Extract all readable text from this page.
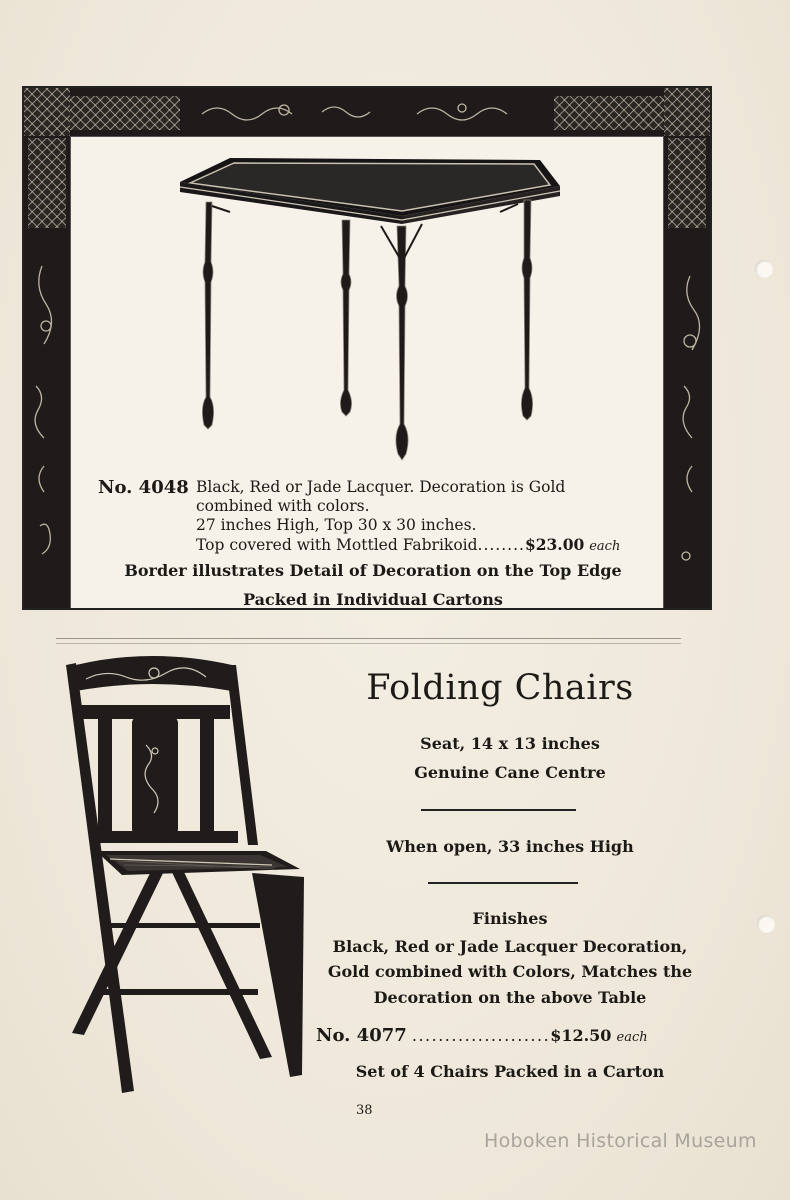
No. 4048 Black, Red or Jade Lacquer. Decoration is Gold
combined with colors.
27 inches High, Top 30 x 30 inches.
Top covered with Mottled Fabrikoid........$23.00 each
Border illustrates Detail of Decoration on the Top Edge
Packed in Individual Cartons
Folding Chairs
Seat, 14 x 13 inches
Genuine Cane Centre
When open, 33 inches High
Finishes
Black, Red or Jade Lacquer Decoration,
Gold combined with Colors, Matches the
Decoration on the above Table
No. 4077 .....................$12.50 each
Set of 4 Chairs Packed in a Carton
38
Hoboken Historical Museum
